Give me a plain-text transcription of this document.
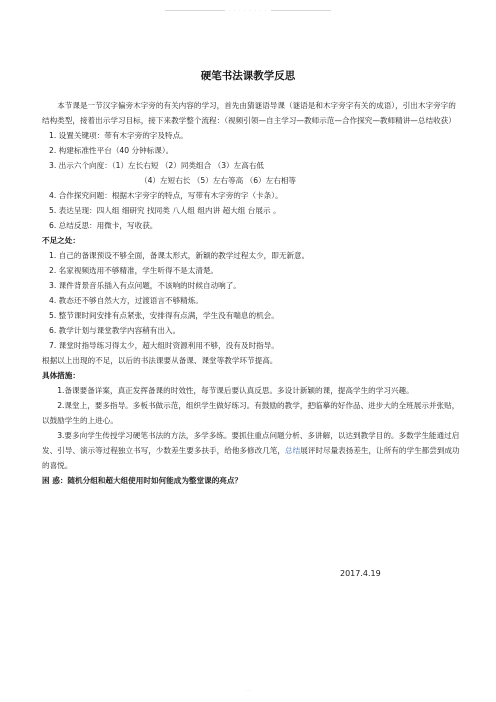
· · · · · · · ·
硬笔书法课教学反思

本节课是一节汉字偏旁木字旁的有关内容的学习，首先由猜谜语导课（谜语是和木字旁字有关的成语），引出木字旁字的结构类型，接着出示学习目标，接下来教学整个流程：（视频引领—自主学习—教师示范—合作探究—教师精讲—总结收获）

1. 设置关键项：带有木字旁的字及特点。

2. 构建标准性平台（40 分钟标课）。

3. 出示六个向度：（1）左长右短 （2）同类组合 （3）左高右低

（4）左短右长 （5）左右等高 （6）左右相等

4. 合作探究问题：根据木字旁字的特点，写带有木字旁的字（卡条）。

5. 表达呈现：四人组 细研究 找同类 八人组 组内讲 超大组 台展示 。

6. 总结反思：用微卡，写收获。

不足之处：

1. 自己的备课预设不够全面，备课太形式，新颖的教学过程太少，即无新意。

2. 名家视频选用不够精准，学生听得不是太清楚。

3. 课件背景音乐插入有点问题，不该响的时候自动响了。

4. 教态还不够自然大方，过渡语言不够精炼。

5. 整节课时间安排有点紧张，安排得有点满，学生没有喘息的机会。

6. 教学计划与课堂教学内容稍有出入。

7. 课堂时指导练习得太少，超大组时资源利用不够，没有及时指导。

根据以上出现的不足，以后的书法课要从备课、课堂等教学环节提高。

具体措施：

1.备课要备详案，真正发挥备课的时效性，每节课后要认真反思。多设计新颖的课，提高学生的学习兴趣。

2.课堂上，要多指导。多板书做示范，组织学生做好练习。有鼓励的教学，把临摹的好作品、进步大的全班展示并张贴，以鼓励学生的上进心。

3.要多向学生传授学习硬笔书法的方法，多学多练。要抓住重点问题分析、多讲解，以达到教学目的。多数学生能通过启发、引导、演示等过程独立书写，少数差生要多扶手，给他多修改几笔，总结展评时尽量表扬差生，让所有的学生都尝到成功的喜悦。

困 惑：随机分组和超大组使用时如何能成为整堂课的亮点？

2017.4.19
· · ·
